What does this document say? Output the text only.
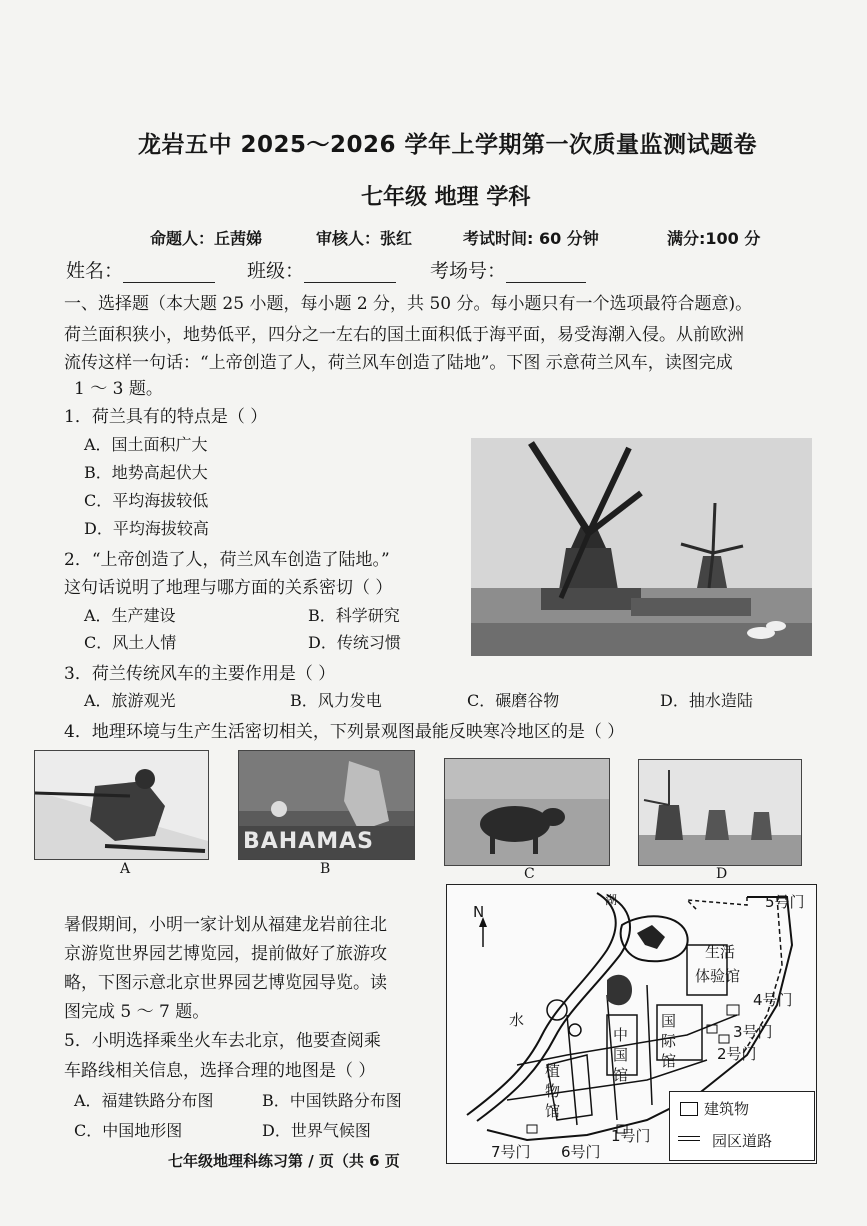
龙岩五中 2025～2026 学年上学期第一次质量监测试题卷
七年级 地理 学科
命题人：丘茜娣	审核人：张红	考试时间: 60 分钟	满分:100 分
姓名：	班级：	考场号：
一、选择题（本大题 25 小题，每小题 2 分，共 50 分。每小题只有一个选项最符合题意)。
荷兰面积狭小，地势低平，四分之一左右的国土面积低于海平面，易受海潮入侵。从前欧洲
流传这样一句话：“上帝创造了人，荷兰风车创造了陆地”。下图 示意荷兰风车，读图完成
1 ～ 3 题。
1．荷兰具有的特点是（ ）
A．国土面积广大
B．地势高起伏大
C．平均海拔较低
D．平均海拔较高
2．“上帝创造了人，荷兰风车创造了陆地。”
这句话说明了地理与哪方面的关系密切（ ）
A．生产建设	B．科学研究
C．风土人情	D．传统习惯
3．荷兰传统风车的主要作用是（ ）
A．旅游观光	B．风力发电	C．碾磨谷物	D．抽水造陆
4．地理环境与生产生活密切相关，下列景观图最能反映寒冷地区的是（ ）
A
BAHAMAS
B	C	D
暑假期间，小明一家计划从福建龙岩前往北
京游览世界园艺博览园，提前做好了旅游攻
略，下图示意北京世界园艺博览园导览。读
图完成 5 ～ 7 题。
5．小明选择乘坐火车去北京，他要查阅乘
车路线相关信息，选择合理的地图是（ ）
A．福建铁路分布图	B．中国铁路分布图
C．中国地形图	D．世界气候图
N
湖
水
5号门
生活
体验馆
4号门
3号门
2号门
国际馆
中国馆
植物馆
1号门
6号门
7号门
建筑物
园区道路
七年级地理科练习第 / 页（共 6 页
